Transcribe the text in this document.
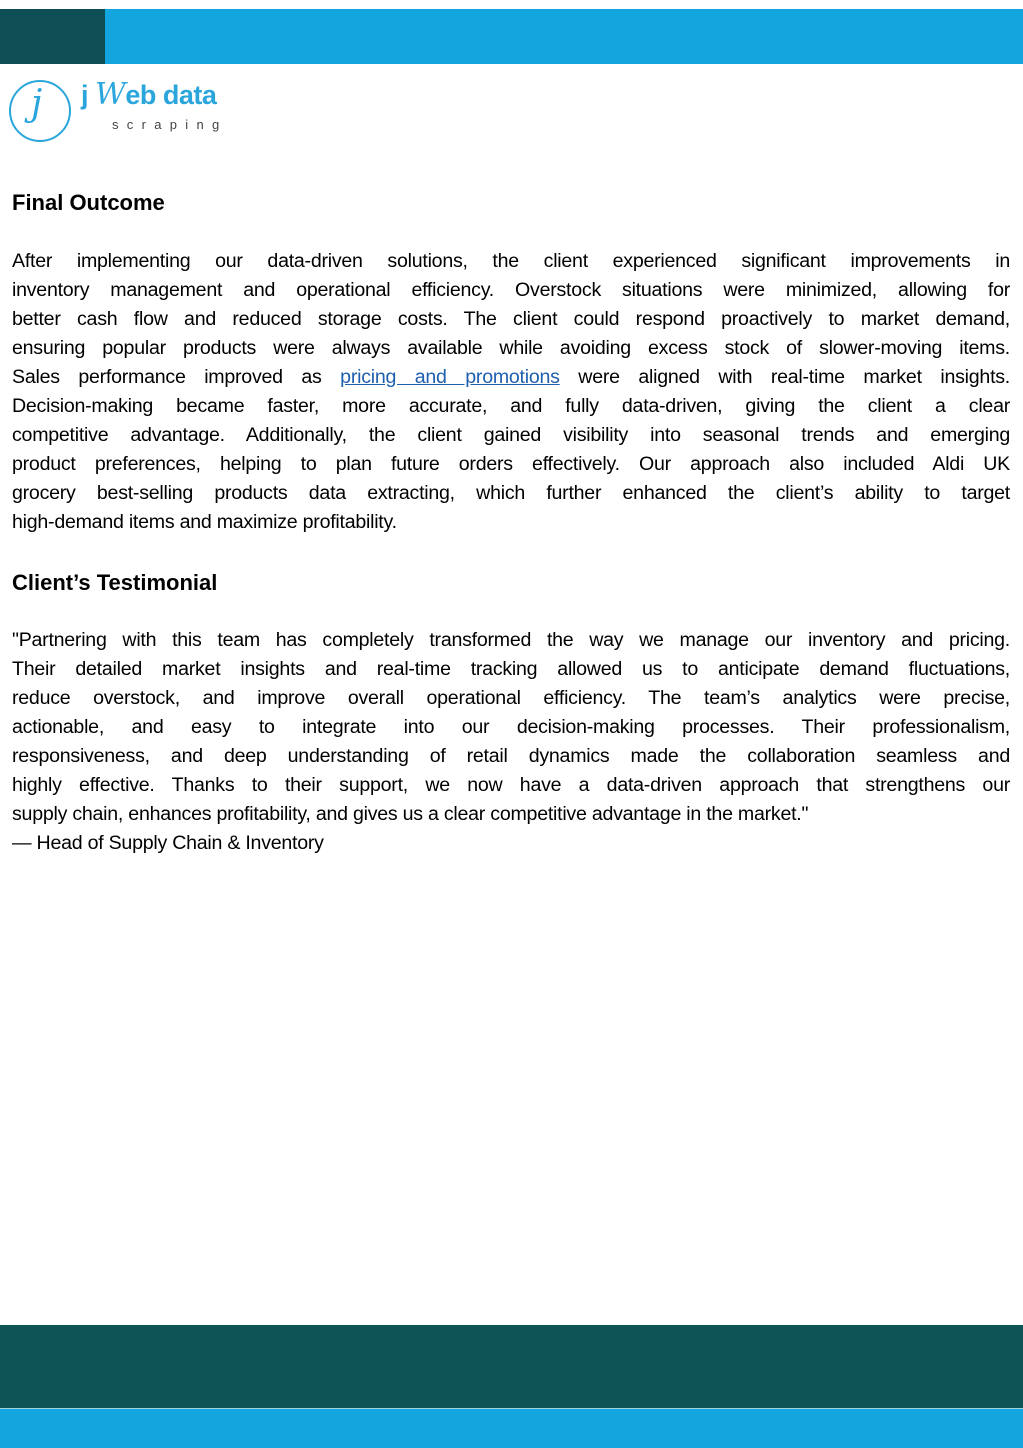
j j Web data
scraping
Final Outcome
After implementing our data-driven solutions, the client experienced significant improvements in
inventory management and operational efficiency. Overstock situations were minimized, allowing for
better cash flow and reduced storage costs. The client could respond proactively to market demand,
ensuring popular products were always available while avoiding excess stock of slower-moving items.
Sales performance improved as pricing and promotions were aligned with real-time market insights.
Decision-making became faster, more accurate, and fully data-driven, giving the client a clear
competitive advantage. Additionally, the client gained visibility into seasonal trends and emerging
product preferences, helping to plan future orders effectively. Our approach also included Aldi UK
grocery best-selling products data extracting, which further enhanced the client’s ability to target
high-demand items and maximize profitability.
Client’s Testimonial
"Partnering with this team has completely transformed the way we manage our inventory and pricing.
Their detailed market insights and real-time tracking allowed us to anticipate demand fluctuations,
reduce overstock, and improve overall operational efficiency. The team’s analytics were precise,
actionable, and easy to integrate into our decision-making processes. Their professionalism,
responsiveness, and deep understanding of retail dynamics made the collaboration seamless and
highly effective. Thanks to their support, we now have a data-driven approach that strengthens our
supply chain, enhances profitability, and gives us a clear competitive advantage in the market."
— Head of Supply Chain & Inventory
